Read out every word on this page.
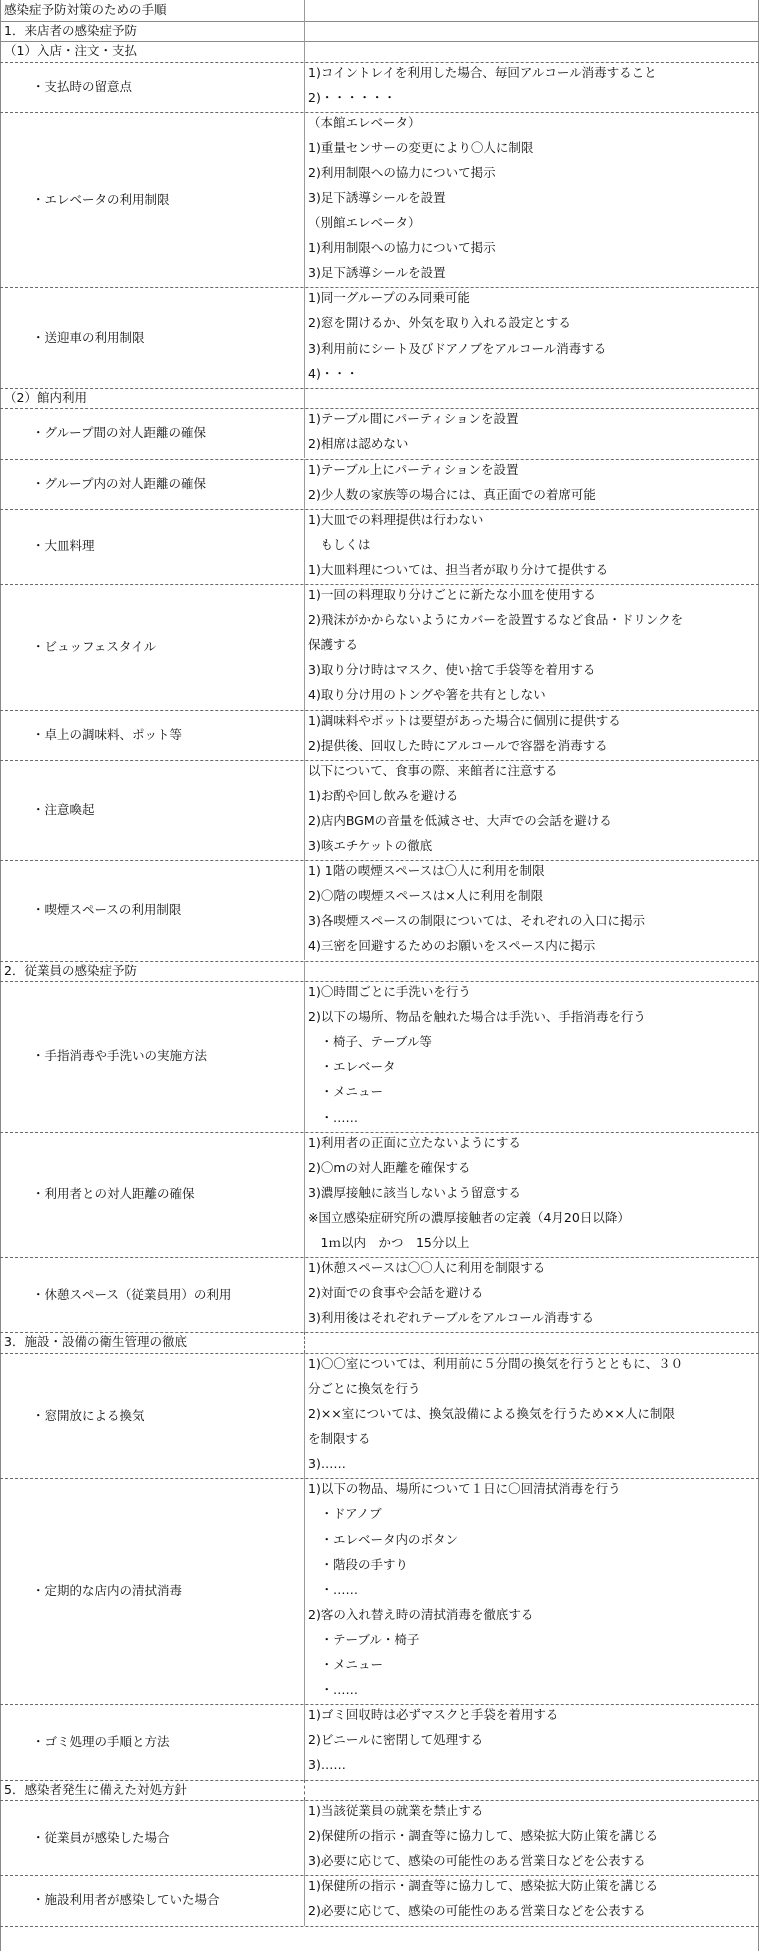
感染症予防対策のための手順
1．来店者の感染症予防
（1）入店・注文・支払
・支払時の留意点
1)コイントレイを利用した場合、毎回アルコール消毒すること
2)・・・・・・
・エレベータの利用制限
（本館エレベータ）
1)重量センサーの変更により〇人に制限
2)利用制限への協力について掲示
3)足下誘導シールを設置
（別館エレベータ）
1)利用制限への協力について掲示
3)足下誘導シールを設置
・送迎車の利用制限
1)同一グループのみ同乗可能
2)窓を開けるか、外気を取り入れる設定とする
3)利用前にシート及びドアノブをアルコール消毒する
4)・・・
（2）館内利用
・グループ間の対人距離の確保
1)テーブル間にパーティションを設置
2)相席は認めない
・グループ内の対人距離の確保
1)テーブル上にパーティションを設置
2)少人数の家族等の場合には、真正面での着席可能
・大皿料理
1)大皿での料理提供は行わない
　もしくは
1)大皿料理については、担当者が取り分けて提供する
・ビュッフェスタイル
1)一回の料理取り分けごとに新たな小皿を使用する
2)飛沫がかからないようにカバーを設置するなど食品・ドリンクを
保護する
3)取り分け時はマスク、使い捨て手袋等を着用する
4)取り分け用のトングや箸を共有としない
・卓上の調味料、ポット等
1)調味料やポットは要望があった場合に個別に提供する
2)提供後、回収した時にアルコールで容器を消毒する
・注意喚起
以下について、食事の際、来館者に注意する
1)お酌や回し飲みを避ける
2)店内BGMの音量を低減させ、大声での会話を避ける
3)咳エチケットの徹底
・喫煙スペースの利用制限
1) 1階の喫煙スペースは〇人に利用を制限
2)〇階の喫煙スペースは×人に利用を制限
3)各喫煙スペースの制限については、それぞれの入口に掲示
4)三密を回避するためのお願いをスペース内に掲示
2．従業員の感染症予防
・手指消毒や手洗いの実施方法
1)〇時間ごとに手洗いを行う
2)以下の場所、物品を触れた場合は手洗い、手指消毒を行う
　・椅子、テーブル等
　・エレベータ
　・メニュー
　・……
・利用者との対人距離の確保
1)利用者の正面に立たないようにする
2)〇mの対人距離を確保する
3)濃厚接触に該当しないよう留意する
※国立感染症研究所の濃厚接触者の定義（4月20日以降）
　1ｍ以内　かつ　15分以上
・休憩スペース（従業員用）の利用
1)休憩スペースは〇〇人に利用を制限する
2)対面での食事や会話を避ける
3)利用後はそれぞれテーブルをアルコール消毒する
3．施設・設備の衛生管理の徹底
・窓開放による換気
1)〇〇室については、利用前に５分間の換気を行うとともに、３０
分ごとに換気を行う
2)××室については、換気設備による換気を行うため××人に制限
を制限する
3)……
・定期的な店内の清拭消毒
1)以下の物品、場所について１日に〇回清拭消毒を行う
　・ドアノブ
　・エレベータ内のボタン
　・階段の手すり
　・……
2)客の入れ替え時の清拭消毒を徹底する
　・テーブル・椅子
　・メニュー
　・……
・ゴミ処理の手順と方法
1)ゴミ回収時は必ずマスクと手袋を着用する
2)ビニールに密閉して処理する
3)……
5．感染者発生に備えた対処方針
・従業員が感染した場合
1)当該従業員の就業を禁止する
2)保健所の指示・調査等に協力して、感染拡大防止策を講じる
3)必要に応じて、感染の可能性のある営業日などを公表する
・施設利用者が感染していた場合
1)保健所の指示・調査等に協力して、感染拡大防止策を講じる
2)必要に応じて、感染の可能性のある営業日などを公表する
